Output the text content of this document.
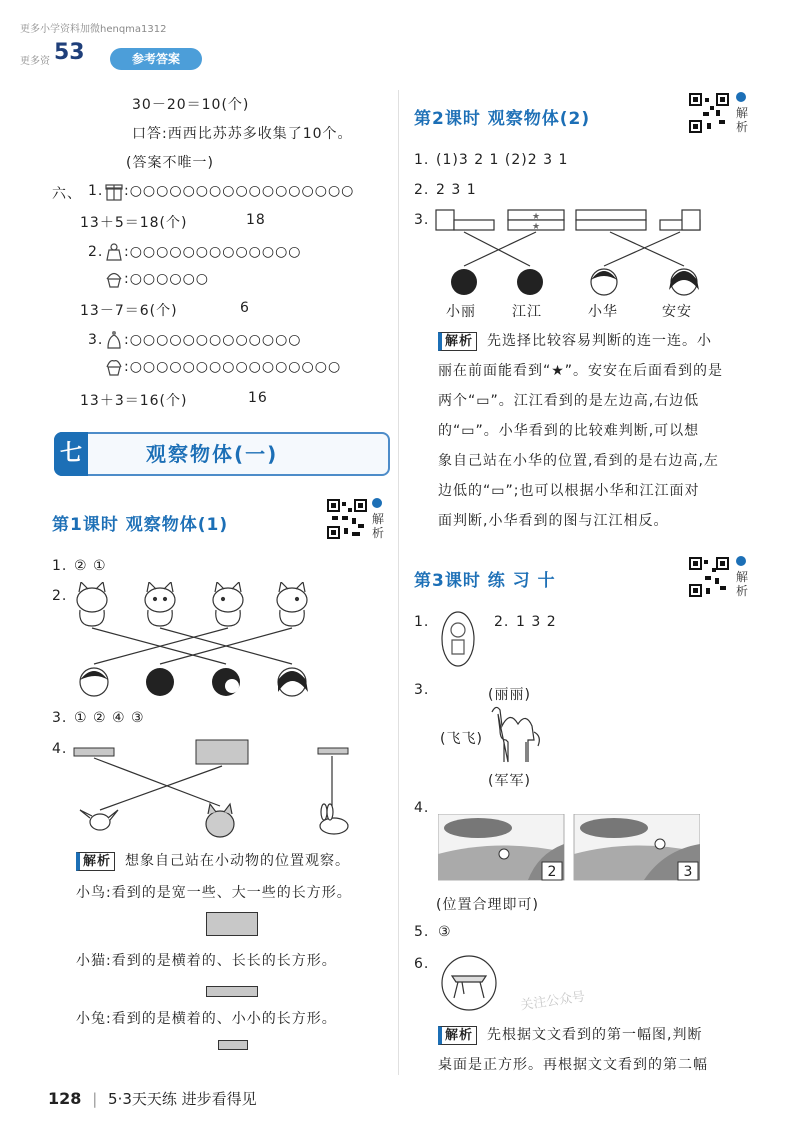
更多小学资料加微henqma1312
更多资 53	参考答案
30－20＝10(个)
口答:西西比苏苏多收集了10个。
(答案不唯一)
六、 1. :○○○○○○○○○○○○○○○○○
13＋5＝18(个)	18
2. :○○○○○○○○○○○○○
:○○○○○○
13－7＝6(个)	6
3. :○○○○○○○○○○○○○
:○○○○○○○○○○○○○○○○
13＋3＝16(个)	16
七	观察物体(一)
第1课时 观察物体(1)	解析
1. ② ①
2.
3. ① ② ④ ③
4.
解析 想象自己站在小动物的位置观察。
小鸟:看到的是宽一些、大一些的长方形。
小猫:看到的是横着的、长长的长方形。
小兔:看到的是横着的、小小的长方形。
第2课时 观察物体(2)	解析
1. (1)3 2 1 (2)2 3 1
2. 2 3 1
3.	★
★
小丽	江江	小华	安安
解析 先选择比较容易判断的连一连。小
丽在前面能看到“★”。安安在后面看到的是
两个“▭”。江江看到的是左边高,右边低
的“▭”。小华看到的比较难判断,可以想
象自己站在小华的位置,看到的是右边高,左
边低的“▭”;也可以根据小华和江江面对
面判断,小华看到的图与江江相反。
第3课时 练 习 十	解析
1.	2. 1 3 2
3.	(丽丽)
(飞飞)
(军军)
4.
2	3
(位置合理即可)
5. ③
6.
关注公众号
解析 先根据文文看到的第一幅图,判断
桌面是正方形。再根据文文看到的第二幅
128 | 5·3天天练 进步看得见
